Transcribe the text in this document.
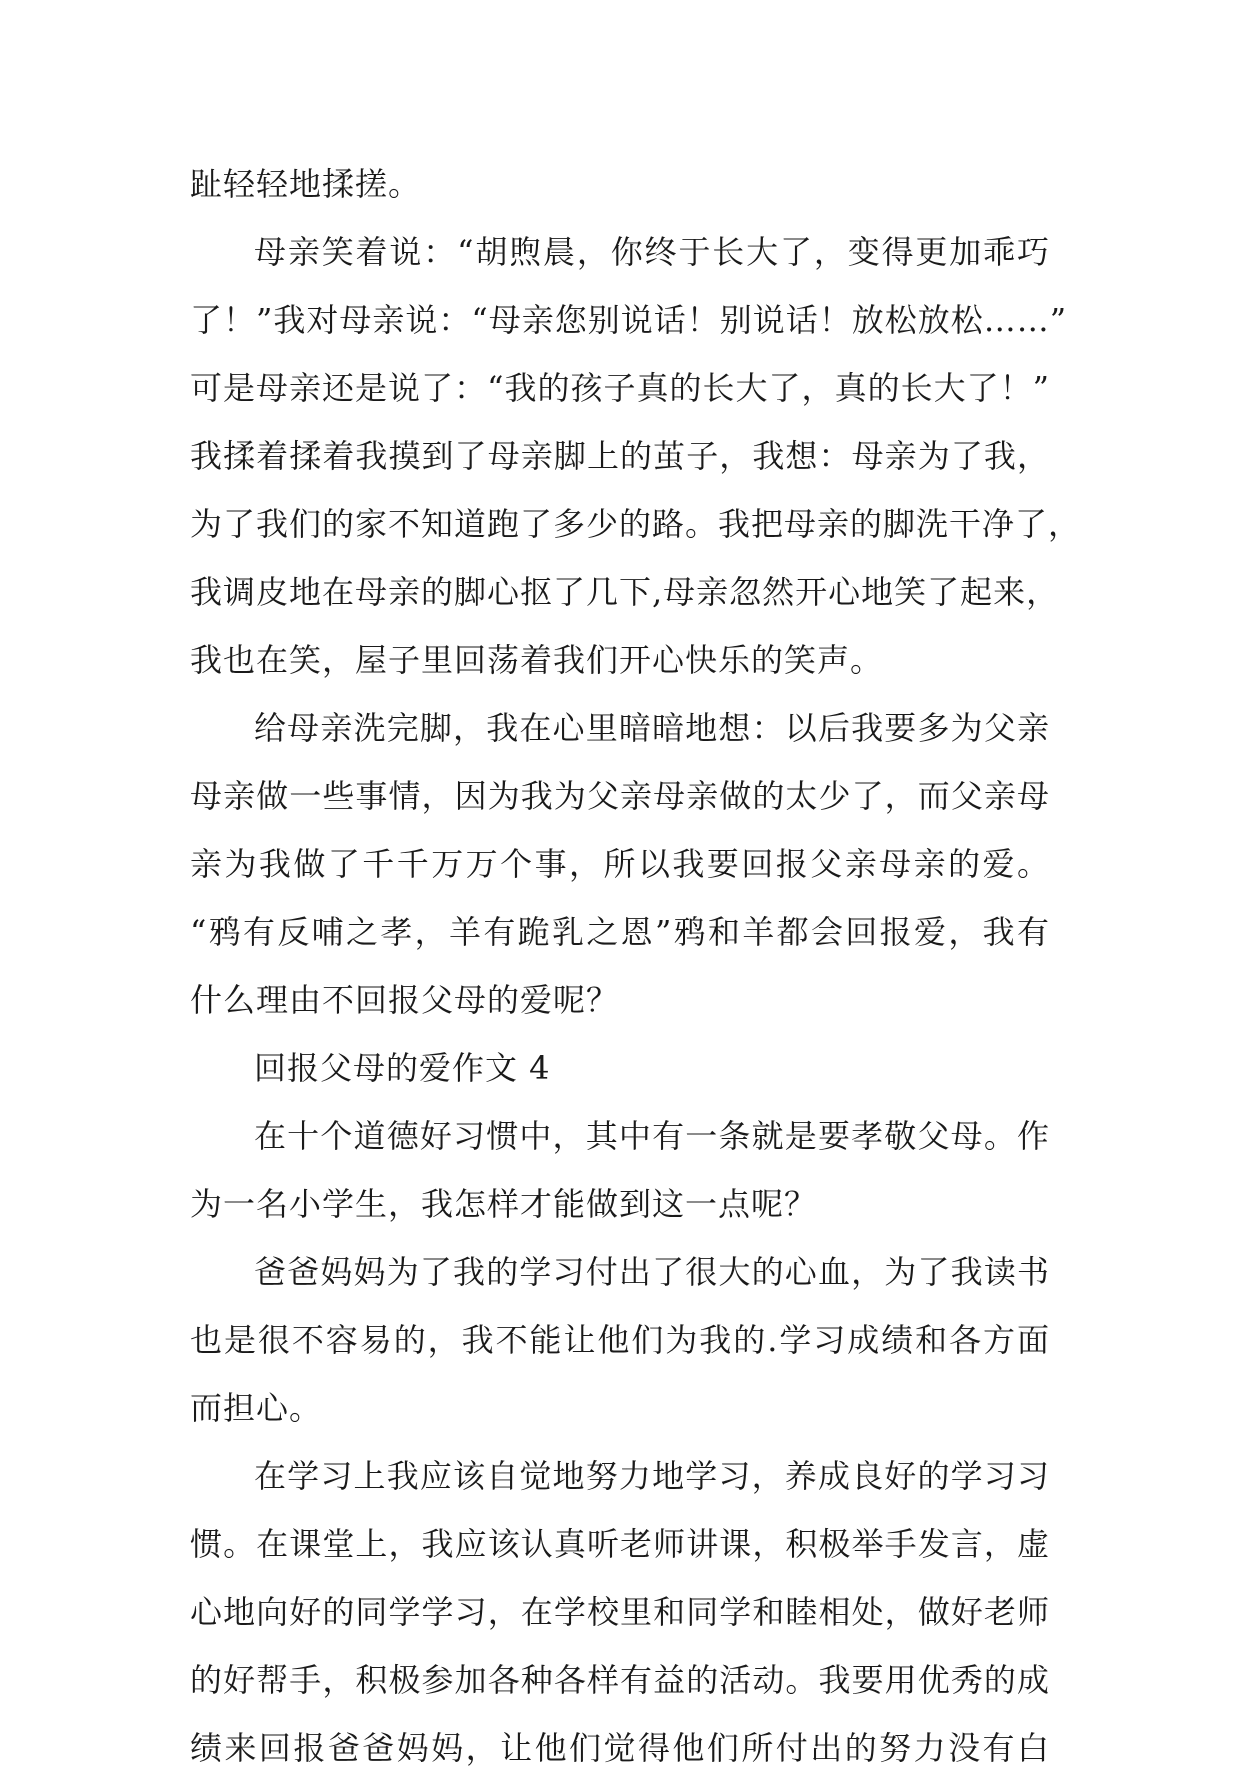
趾轻轻地揉搓。
母亲笑着说：“胡煦晨，你终于长大了，变得更加乖巧
了！”我对母亲说：“母亲您别说话！别说话！放松放松……”
可是母亲还是说了：“我的孩子真的长大了，真的长大了！”
我揉着揉着我摸到了母亲脚上的茧子，我想：母亲为了我，
为了我们的家不知道跑了多少的路。我把母亲的脚洗干净了，
我调皮地在母亲的脚心抠了几下,母亲忽然开心地笑了起来，
我也在笑，屋子里回荡着我们开心快乐的笑声。
给母亲洗完脚，我在心里暗暗地想：以后我要多为父亲
母亲做一些事情，因为我为父亲母亲做的太少了，而父亲母
亲为我做了千千万万个事，所以我要回报父亲母亲的爱。
“鸦有反哺之孝，羊有跪乳之恩”鸦和羊都会回报爱，我有
什么理由不回报父母的爱呢？
回报父母的爱作文 4
在十个道德好习惯中，其中有一条就是要孝敬父母。作
为一名小学生，我怎样才能做到这一点呢？
爸爸妈妈为了我的学习付出了很大的心血，为了我读书
也是很不容易的，我不能让他们为我的.学习成绩和各方面
而担心。
在学习上我应该自觉地努力地学习，养成良好的学习习
惯。在课堂上，我应该认真听老师讲课，积极举手发言，虚
心地向好的同学学习，在学校里和同学和睦相处，做好老师
的好帮手，积极参加各种各样有益的活动。我要用优秀的成
绩来回报爸爸妈妈，让他们觉得他们所付出的努力没有白
